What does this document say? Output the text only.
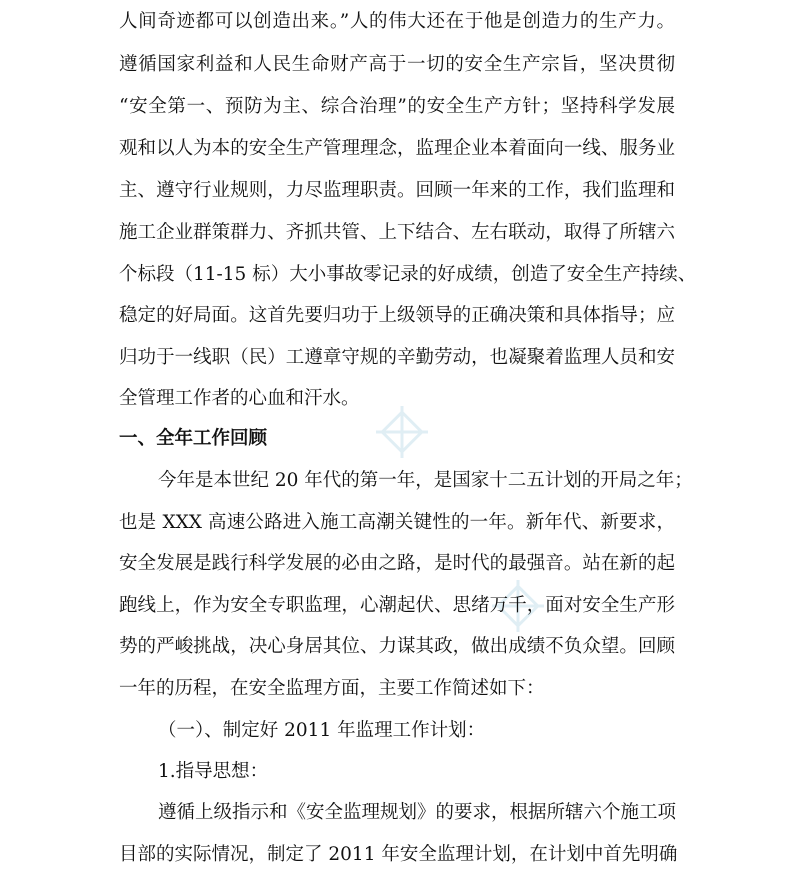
人间奇迹都可以创造出来。”人的伟大还在于他是创造力的生产力。
遵循国家利益和人民生命财产高于一切的安全生产宗旨，坚决贯彻
“安全第一、预防为主、综合治理”的安全生产方针；坚持科学发展
观和以人为本的安全生产管理理念，监理企业本着面向一线、服务业
主、遵守行业规则，力尽监理职责。回顾一年来的工作，我们监理和
施工企业群策群力、齐抓共管、上下结合、左右联动，取得了所辖六
个标段（11-15 标）大小事故零记录的好成绩，创造了安全生产持续、
稳定的好局面。这首先要归功于上级领导的正确决策和具体指导；应
归功于一线职（民）工遵章守规的辛勤劳动，也凝聚着监理人员和安
全管理工作者的心血和汗水。
一、全年工作回顾
今年是本世纪 20 年代的第一年，是国家十二五计划的开局之年；
也是 XXX 高速公路进入施工高潮关键性的一年。新年代、新要求，
安全发展是践行科学发展的必由之路，是时代的最强音。站在新的起
跑线上，作为安全专职监理，心潮起伏、思绪万千，面对安全生产形
势的严峻挑战，决心身居其位、力谋其政，做出成绩不负众望。回顾
一年的历程，在安全监理方面，主要工作简述如下：
（一）、制定好 2011 年监理工作计划：
1.指导思想：
遵循上级指示和《安全监理规划》的要求，根据所辖六个施工项
目部的实际情况，制定了 2011 年安全监理计划，在计划中首先明确
